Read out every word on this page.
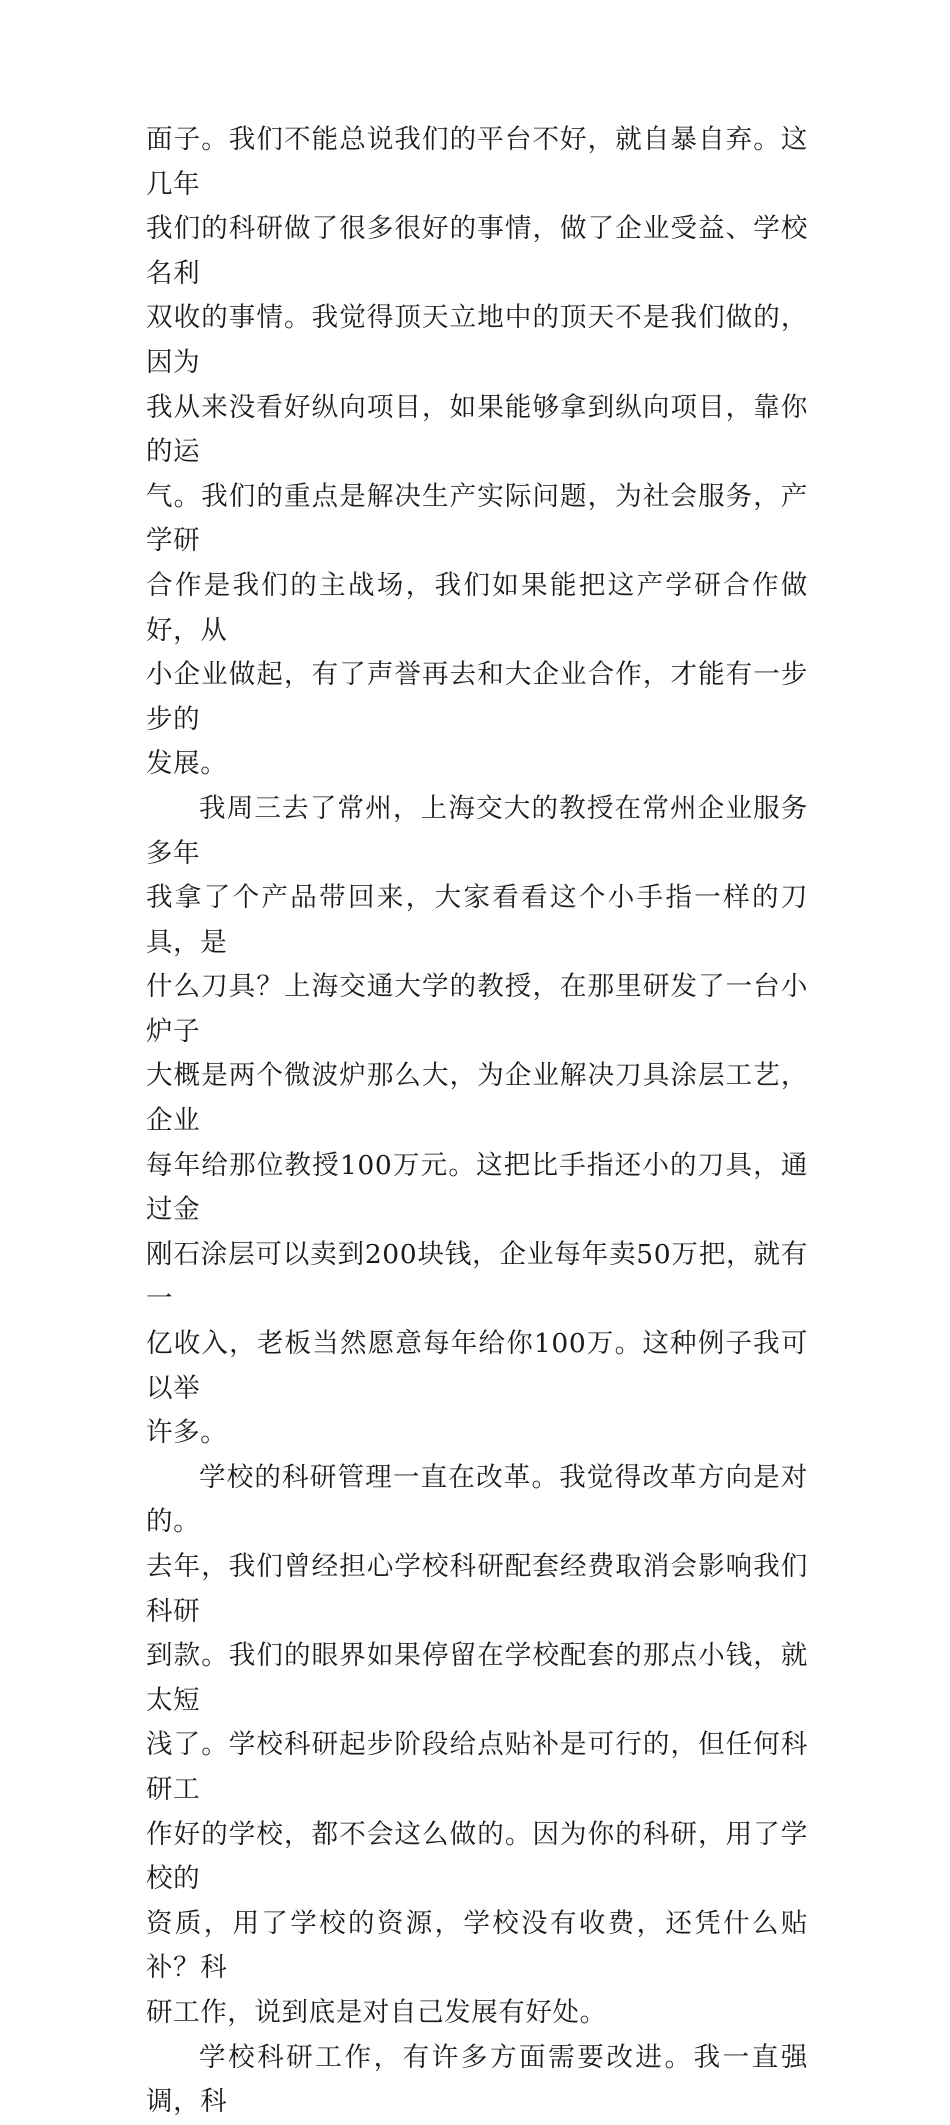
面子。我们不能总说我们的平台不好，就自暴自弃。这几年
我们的科研做了很多很好的事情，做了企业受益、学校名利
双收的事情。我觉得顶天立地中的顶天不是我们做的，因为
我从来没看好纵向项目，如果能够拿到纵向项目，靠你的运
气。我们的重点是解决生产实际问题，为社会服务，产学研
合作是我们的主战场，我们如果能把这产学研合作做好，从
小企业做起，有了声誉再去和大企业合作，才能有一步步的
发展。
我周三去了常州，上海交大的教授在常州企业服务多年
我拿了个产品带回来，大家看看这个小手指一样的刀具，是
什么刀具？上海交通大学的教授，在那里研发了一台小炉子
大概是两个微波炉那么大，为企业解决刀具涂层工艺，企业
每年给那位教授100万元。这把比手指还小的刀具，通过金
刚石涂层可以卖到200块钱，企业每年卖50万把，就有一
亿收入，老板当然愿意每年给你100万。这种例子我可以举
许多。
学校的科研管理一直在改革。我觉得改革方向是对的。
去年，我们曾经担心学校科研配套经费取消会影响我们科研
到款。我们的眼界如果停留在学校配套的那点小钱，就太短
浅了。学校科研起步阶段给点贴补是可行的，但任何科研工
作好的学校，都不会这么做的。因为你的科研，用了学校的
资质，用了学校的资源，学校没有收费，还凭什么贴补？科
研工作，说到底是对自己发展有好处。
学校科研工作，有许多方面需要改进。我一直强调，科
